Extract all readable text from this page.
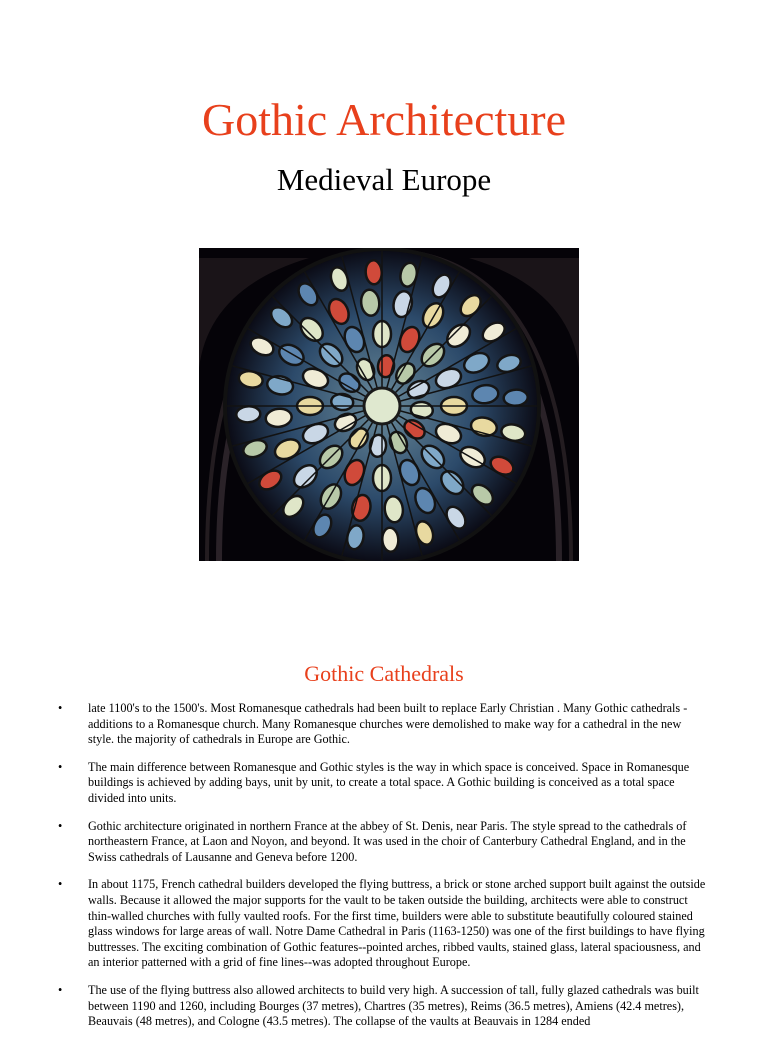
Gothic Architecture
Medieval Europe
Gothic Cathedrals
• late 1100's to the 1500's. Most Romanesque cathedrals had been built to replace Early Christian . Many Gothic cathedrals - additions to a Romanesque church. Many Romanesque churches were demolished to make way for a cathedral in the new style. the majority of cathedrals in Europe are Gothic.
• The main difference between Romanesque and Gothic styles is the way in which space is conceived. Space in Romanesque buildings is achieved by adding bays, unit by unit, to create a total space. A Gothic building is conceived as a total space divided into units.
• Gothic architecture originated in northern France at the abbey of St. Denis, near Paris. The style spread to the cathedrals of northeastern France, at Laon and Noyon, and beyond. It was used in the choir of Canterbury Cathedral England, and in the Swiss cathedrals of Lausanne and Geneva before 1200.
• In about 1175, French cathedral builders developed the flying buttress, a brick or stone arched support built against the outside walls. Because it allowed the major supports for the vault to be taken outside the building, architects were able to construct thin-walled churches with fully vaulted roofs. For the first time, builders were able to substitute beautifully coloured stained glass windows for large areas of wall. Notre Dame Cathedral in Paris (1163-1250) was one of the first buildings to have flying buttresses. The exciting combination of Gothic features--pointed arches, ribbed vaults, stained glass, lateral spaciousness, and an interior patterned with a grid of fine lines--was adopted throughout Europe.
• The use of the flying buttress also allowed architects to build very high. A succession of tall, fully glazed cathedrals was built between 1190 and 1260, including Bourges (37 metres), Chartres (35 metres), Reims (36.5 metres), Amiens (42.4 metres), Beauvais (48 metres), and Cologne (43.5 metres). The collapse of the vaults at Beauvais in 1284 ended
